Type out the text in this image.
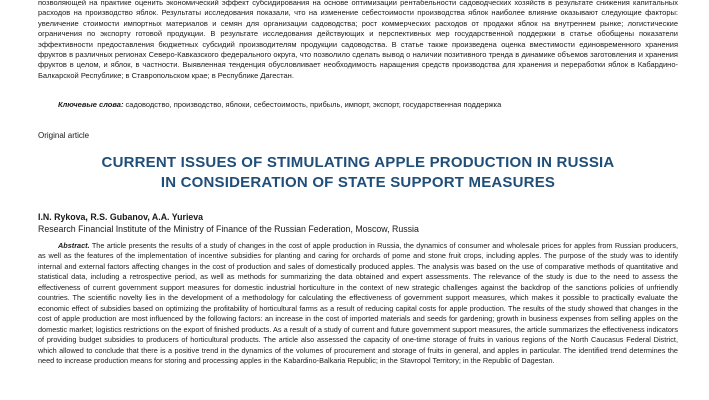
позволяющей на практике оценить экономический эффект субсидирования на основе оптимизации рентабельности садоводческих хозяйств в результате снижения капитальных расходов на производство яблок. Результаты исследования показали, что на изменение себестоимости производства яблок наиболее влияние оказывают следующие факторы: увеличение стоимости импортных материалов и семян для организации садоводства; рост коммерческих расходов от продажи яблок на внутреннем рынке; логистические ограничения по экспорту готовой продукции. В результате исследования действующих и перспективных мер государственной поддержки в статье обобщены показатели эффективности предоставления бюджетных субсидий производителям продукции садоводства. В статье также произведена оценка вместимости единовременного хранения фруктов в различных регионах Северо-Кавказского федерального округа, что позволило сделать вывод о наличии позитивного тренда в динамике объемов заготовления и хранения фруктов в целом, и яблок, в частности. Выявленная тенденция обусловливает необходимость наращения средств производства для хранения и переработки яблок в Кабардино-Балкарской Республике; в Ставропольском крае; в Республике Дагестан.

Ключевые слова: садоводство, производство, яблоки, себестоимость, прибыль, импорт, экспорт, государственная поддержка
Original article
CURRENT ISSUES OF STIMULATING APPLE PRODUCTION IN RUSSIA
IN CONSIDERATION OF STATE SUPPORT MEASURES
I.N. Rykova, R.S. Gubanov, A.A. Yurieva
Research Financial Institute of the Ministry of Finance of the Russian Federation, Moscow, Russia
Abstract. The article presents the results of a study of changes in the cost of apple production in Russia, the dynamics of consumer and wholesale prices for apples from Russian producers, as well as the features of the implementation of incentive subsidies for planting and caring for orchards of pome and stone fruit crops, including apples. The purpose of the study was to identify internal and external factors affecting changes in the cost of production and sales of domestically produced apples. The analysis was based on the use of comparative methods of quantitative and statistical data, including a retrospective period, as well as methods for summarizing the data obtained and expert assessments. The relevance of the study is due to the need to assess the effectiveness of current government support measures for domestic industrial horticulture in the context of new strategic challenges against the backdrop of the sanctions policies of unfriendly countries. The scientific novelty lies in the development of a methodology for calculating the effectiveness of government support measures, which makes it possible to practically evaluate the economic effect of subsidies based on optimizing the profitability of horticultural farms as a result of reducing capital costs for apple production. The results of the study showed that changes in the cost of apple production are most influenced by the following factors: an increase in the cost of imported materials and seeds for gardening; growth in business expenses from selling apples on the domestic market; logistics restrictions on the export of finished products. As a result of a study of current and future government support measures, the article summarizes the effectiveness indicators of providing budget subsidies to producers of horticultural products. The article also assessed the capacity of one-time storage of fruits in various regions of the North Caucasus Federal District, which allowed to conclude that there is a positive trend in the dynamics of the volumes of procurement and storage of fruits in general, and apples in particular. The identified trend determines the need to increase production means for storing and processing apples in the Kabardino-Balkaria Republic; in the Stavropol Territory; in the Republic of Dagestan.
